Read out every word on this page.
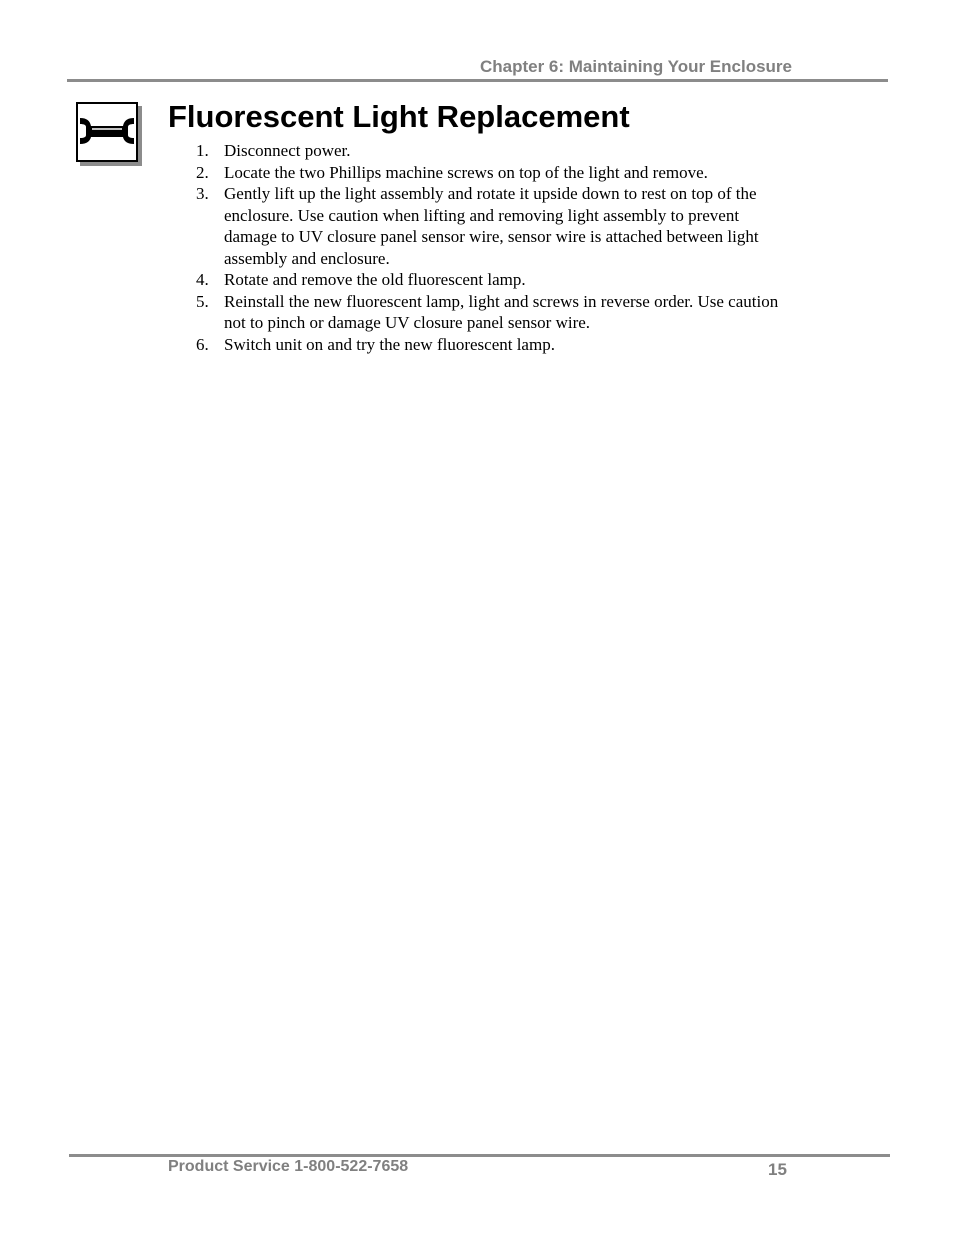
Chapter 6: Maintaining Your Enclosure
Fluorescent Light Replacement
1. Disconnect power.
2. Locate the two Phillips machine screws on top of the light and remove.
3. Gently lift up the light assembly and rotate it upside down to rest on top of the enclosure. Use caution when lifting and removing light assembly to prevent damage to UV closure panel sensor wire, sensor wire is attached between light assembly and enclosure.
4. Rotate and remove the old fluorescent lamp.
5. Reinstall the new fluorescent lamp, light and screws in reverse order. Use caution not to pinch or damage UV closure panel sensor wire.
6. Switch unit on and try the new fluorescent lamp.
Product Service 1-800-522-7658	15
